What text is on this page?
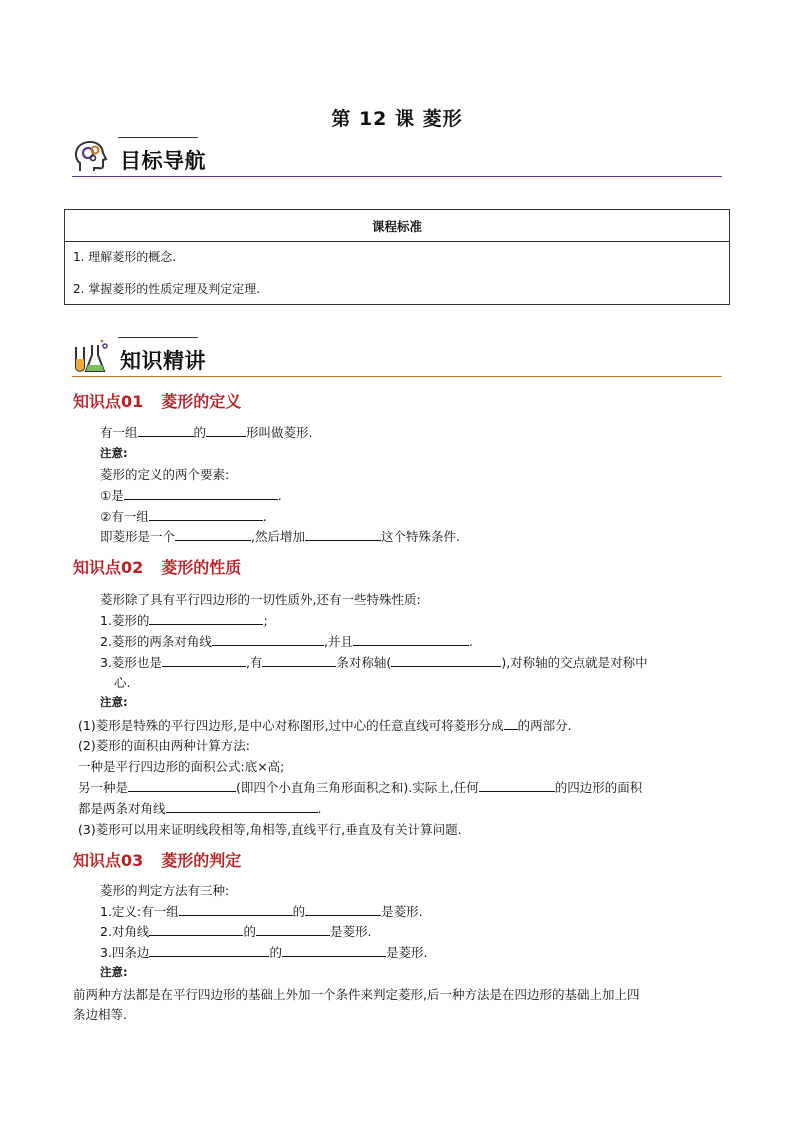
第 12 课 菱形
目标导航
课程标准

1. 理解菱形的概念.

2. 掌握菱形的性质定理及判定定理.

知识精讲
知识点01 菱形的定义
有一组	的	形叫做菱形.
注意:
菱形的定义的两个要素:
①是	.
②有一组	.
即菱形是一个	,然后增加	这个特殊条件.
知识点02 菱形的性质
菱形除了具有平行四边形的一切性质外,还有一些特殊性质:
1.菱形的	;
2.菱形的两条对角线	,并且	.
3.菱形也是	,有	条对称轴(	),对称轴的交点就是对称中
心.
注意:
(1)菱形是特殊的平行四边形,是中心对称图形,过中心的任意直线可将菱形分成 的两部分.
(2)菱形的面积由两种计算方法:
一种是平行四边形的面积公式:底×高;
另一种是	(即四个小直角三角形面积之和).实际上,任何	的四边形的面积
都是两条对角线	.
(3)菱形可以用来证明线段相等,角相等,直线平行,垂直及有关计算问题.
知识点03 菱形的判定
菱形的判定方法有三种:
1.定义:有一组	的	是菱形.
2.对角线	的	是菱形.
3.四条边	的	是菱形.
注意:
前两种方法都是在平行四边形的基础上外加一个条件来判定菱形,后一种方法是在四边形的基础上加上四
条边相等.
